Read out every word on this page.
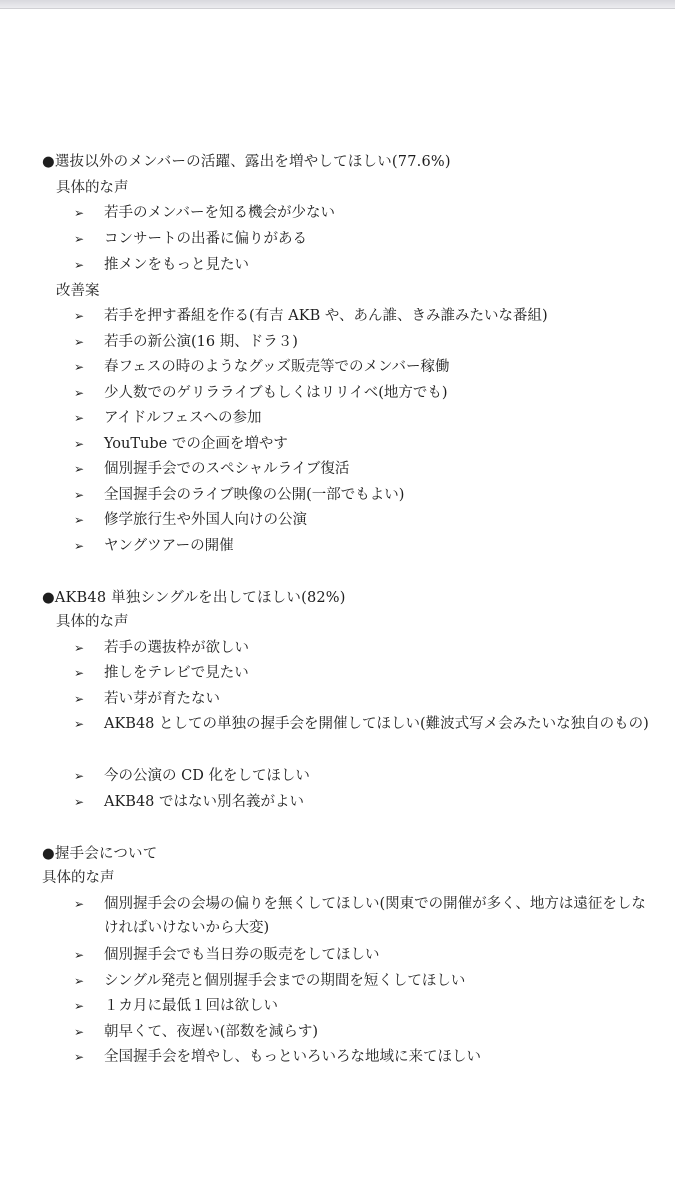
●選抜以外のメンバーの活躍、露出を増やしてほしい(77.6%)
具体的な声
➢ 若手のメンバーを知る機会が少ない
➢ コンサートの出番に偏りがある
➢ 推メンをもっと見たい
改善案
➢ 若手を押す番組を作る(有吉 AKB や、あん誰、きみ誰みたいな番組)
➢ 若手の新公演(16 期、ドラ３)
➢ 春フェスの時のようなグッズ販売等でのメンバー稼働
➢ 少人数でのゲリラライブもしくはリリイベ(地方でも)
➢ アイドルフェスへの参加
➢ YouTube での企画を増やす
➢ 個別握手会でのスペシャルライブ復活
➢ 全国握手会のライブ映像の公開(一部でもよい)
➢ 修学旅行生や外国人向けの公演
➢ ヤングツアーの開催
●AKB48 単独シングルを出してほしい(82%)
具体的な声
➢ 若手の選抜枠が欲しい
➢ 推しをテレビで見たい
➢ 若い芽が育たない
➢ AKB48 としての単独の握手会を開催してほしい(難波式写メ会みたいな独自のもの)
➢ 今の公演の CD 化をしてほしい
➢ AKB48 ではない別名義がよい
●握手会について
具体的な声
➢ 個別握手会の会場の偏りを無くしてほしい(関東での開催が多く、地方は遠征をしなければいけないから大変)
➢ 個別握手会でも当日券の販売をしてほしい
➢ シングル発売と個別握手会までの期間を短くしてほしい
➢ １カ月に最低１回は欲しい
➢ 朝早くて、夜遅い(部数を減らす)
➢ 全国握手会を増やし、もっといろいろな地域に来てほしい
